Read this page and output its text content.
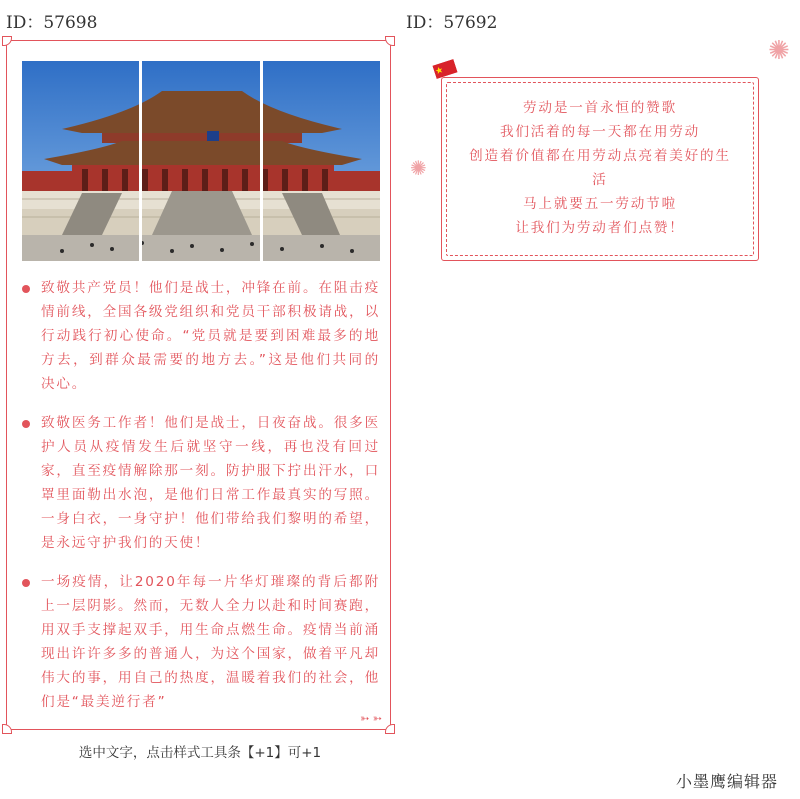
ID：57698	ID：57692

致敬共产党员！他们是战士，冲锋在前。在阻击疫情前线，全国各级党组织和党员干部积极请战，以行动践行初心使命。“党员就是要到困难最多的地方去，到群众最需要的地方去。”这是他们共同的决心。

致敬医务工作者！他们是战士，日夜奋战。很多医护人员从疫情发生后就坚守一线，再也没有回过家，直至疫情解除那一刻。防护服下拧出汗水，口罩里面勒出水泡，是他们日常工作最真实的写照。一身白衣，一身守护！他们带给我们黎明的希望，是永远守护我们的天使！

一场疫情，让2020年每一片华灯璀璨的背后都附上一层阴影。然而，无数人全力以赴和时间赛跑，用双手支撑起双手，用生命点燃生命。疫情当前涌现出许许多多的普通人，为这个国家，做着平凡却伟大的事，用自己的热度，温暖着我们的社会，他们是“最美逆行者”

➳ ➳
选中文字，点击样式工具条【+1】可+1
劳动是一首永恒的赞歌
我们活着的每一天都在用劳动
创造着价值都在用劳动点亮着美好的生活
马上就要五一劳动节啦
让我们为劳动者们点赞！
✺
✺
小墨鹰编辑器
